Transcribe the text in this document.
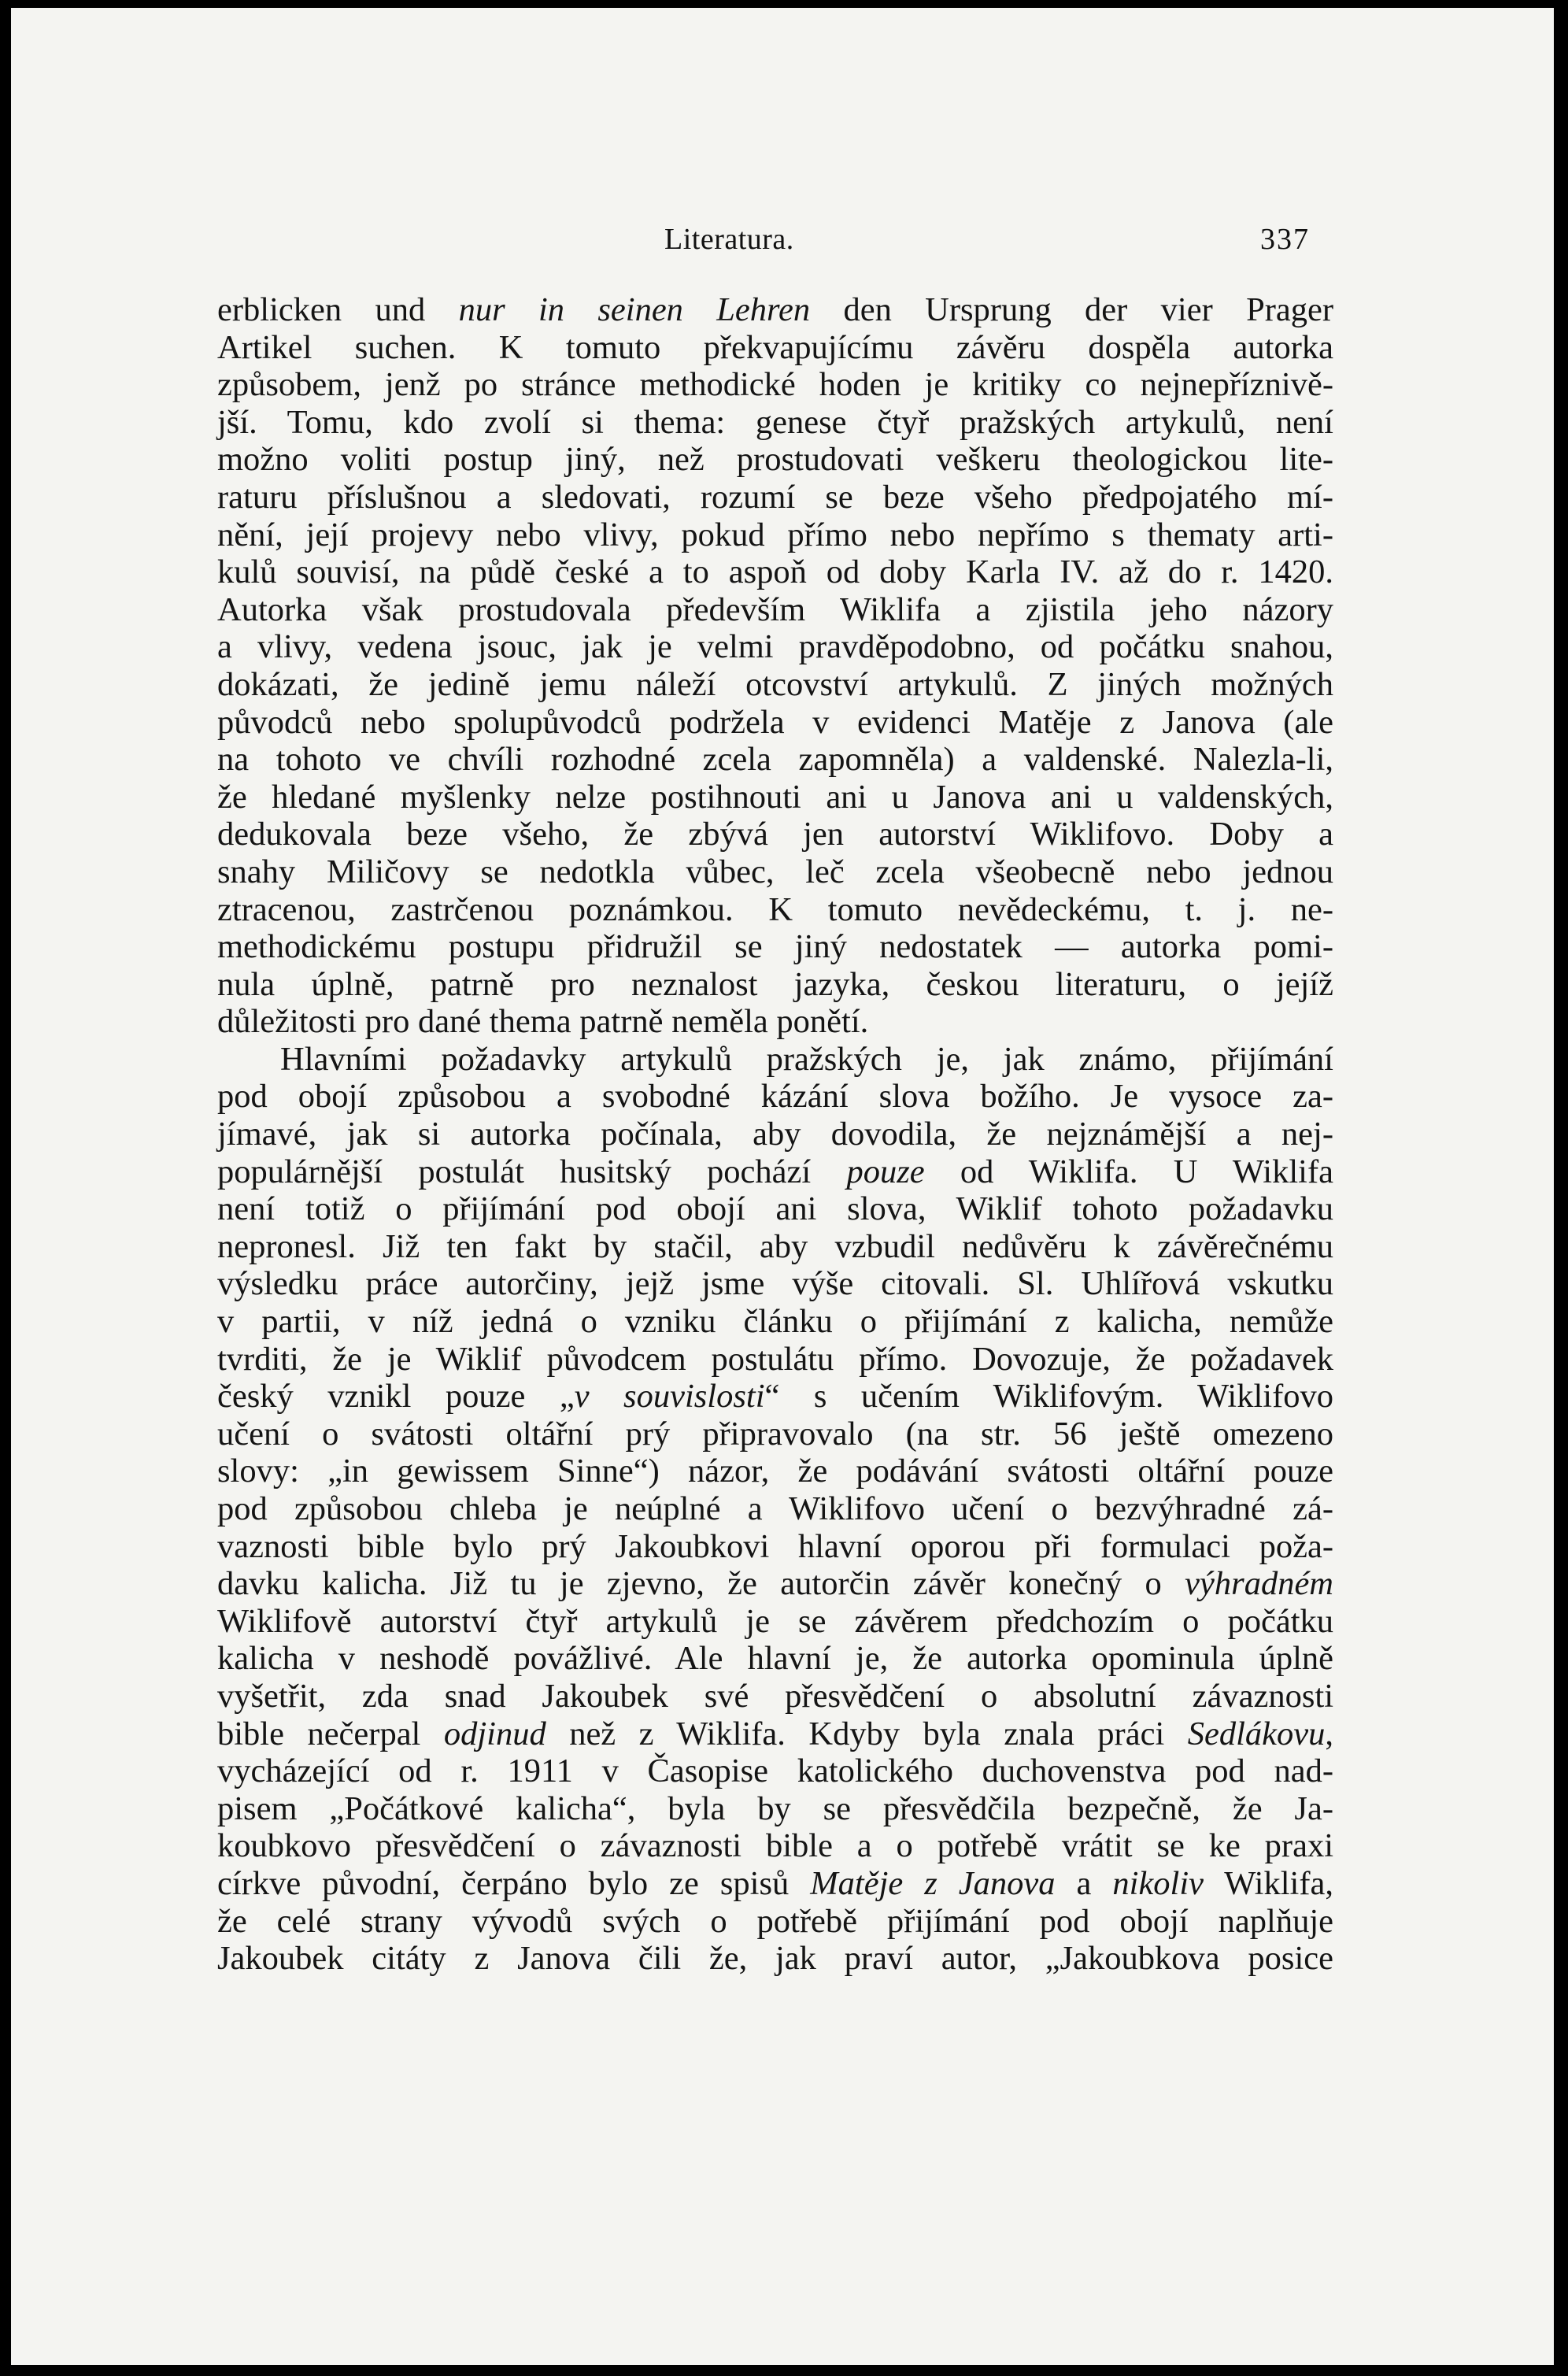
Literatura.	337
erblicken und nur in seinen Lehren den Ursprung der vier Prager
Artikel suchen. K tomuto překvapujícímu závěru dospěla autorka
způsobem, jenž po stránce methodické hoden je kritiky co nejnepříznivě-
jší. Tomu, kdo zvolí si thema: genese čtyř pražských artykulů, není
možno voliti postup jiný, než prostudovati veškeru theologickou lite-
raturu příslušnou a sledovati, rozumí se beze všeho předpojatého mí-
nění, její projevy nebo vlivy, pokud přímo nebo nepřímo s thematy arti-
kulů souvisí, na půdě české a to aspoň od doby Karla IV. až do r. 1420.
Autorka však prostudovala především Wiklifa a zjistila jeho názory
a vlivy, vedena jsouc, jak je velmi pravděpodobno, od počátku snahou,
dokázati, že jedině jemu náleží otcovství artykulů. Z jiných možných
původců nebo spolupůvodců podržela v evidenci Matěje z Janova (ale
na tohoto ve chvíli rozhodné zcela zapomněla) a valdenské. Nalezla-li,
že hledané myšlenky nelze postihnouti ani u Janova ani u valdenských,
dedukovala beze všeho, že zbývá jen autorství Wiklifovo. Doby a
snahy Miličovy se nedotkla vůbec, leč zcela všeobecně nebo jednou
ztracenou, zastrčenou poznámkou. K tomuto nevědeckému, t. j. ne-
methodickému postupu přidružil se jiný nedostatek — autorka pomi-
nula úplně, patrně pro neznalost jazyka, českou literaturu, o jejíž
důležitosti pro dané thema patrně neměla ponětí.
Hlavními požadavky artykulů pražských je, jak známo, přijímání
pod obojí způsobou a svobodné kázání slova božího. Je vysoce za-
jímavé, jak si autorka počínala, aby dovodila, že nejznámější a nej-
populárnější postulát husitský pochází pouze od Wiklifa. U Wiklifa
není totiž o přijímání pod obojí ani slova, Wiklif tohoto požadavku
nepronesl. Již ten fakt by stačil, aby vzbudil nedůvěru k závěrečnému
výsledku práce autorčiny, jejž jsme výše citovali. Sl. Uhlířová vskutku
v partii, v níž jedná o vzniku článku o přijímání z kalicha, nemůže
tvrditi, že je Wiklif původcem postulátu přímo. Dovozuje, že požadavek
český vznikl pouze „v souvislosti“ s učením Wiklifovým. Wiklifovo
učení o svátosti oltářní prý připravovalo (na str. 56 ještě omezeno
slovy: „in gewissem Sinne“) názor, že podávání svátosti oltářní pouze
pod způsobou chleba je neúplné a Wiklifovo učení o bezvýhradné zá-
vaznosti bible bylo prý Jakoubkovi hlavní oporou při formulaci poža-
davku kalicha. Již tu je zjevno, že autorčin závěr konečný o výhradném
Wiklifově autorství čtyř artykulů je se závěrem předchozím o počátku
kalicha v neshodě povážlivé. Ale hlavní je, že autorka opominula úplně
vyšetřit, zda snad Jakoubek své přesvědčení o absolutní závaznosti
bible nečerpal odjinud než z Wiklifa. Kdyby byla znala práci Sedlákovu,
vycházející od r. 1911 v Časopise katolického duchovenstva pod nad-
pisem „Počátkové kalicha“, byla by se přesvědčila bezpečně, že Ja-
koubkovo přesvědčení o závaznosti bible a o potřebě vrátit se ke praxi
církve původní, čerpáno bylo ze spisů Matěje z Janova a nikoliv Wiklifa,
že celé strany vývodů svých o potřebě přijímání pod obojí naplňuje
Jakoubek citáty z Janova čili že, jak praví autor, „Jakoubkova posice
